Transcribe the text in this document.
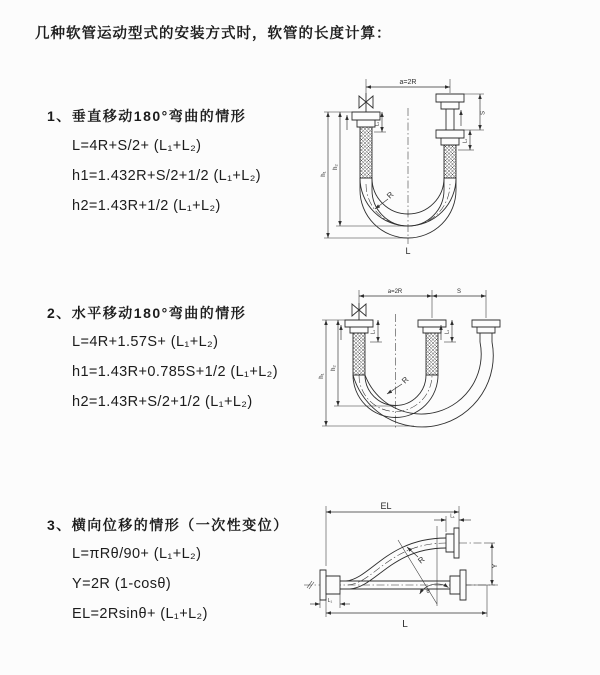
几种软管运动型式的安装方式时，软管的长度计算：
1、垂直移动180°弯曲的情形
L=4R+S/2+ (L₁+L₂)
h1=1.432R+S/2+1/2 (L₁+L₂)
h2=1.43R+1/2 (L₁+L₂)
a=2R
L₁
S
L₁
R
h₁
h₂
L
2、水平移动180°弯曲的情形
L=4R+1.57S+ (L₁+L₂)
h1=1.43R+0.785S+1/2 (L₁+L₂)
h2=1.43R+S/2+1/2 (L₁+L₂)
a=2R	S
L₁	L₁
R
h₁
h₂
3、横向位移的情形（一次性变位）
L=πRθ/90+ (L₁+L₂)
Y=2R (1-cosθ)
EL=2Rsinθ+ (L₁+L₂)
EL
L₁
Y
θ
R
L₁
L
